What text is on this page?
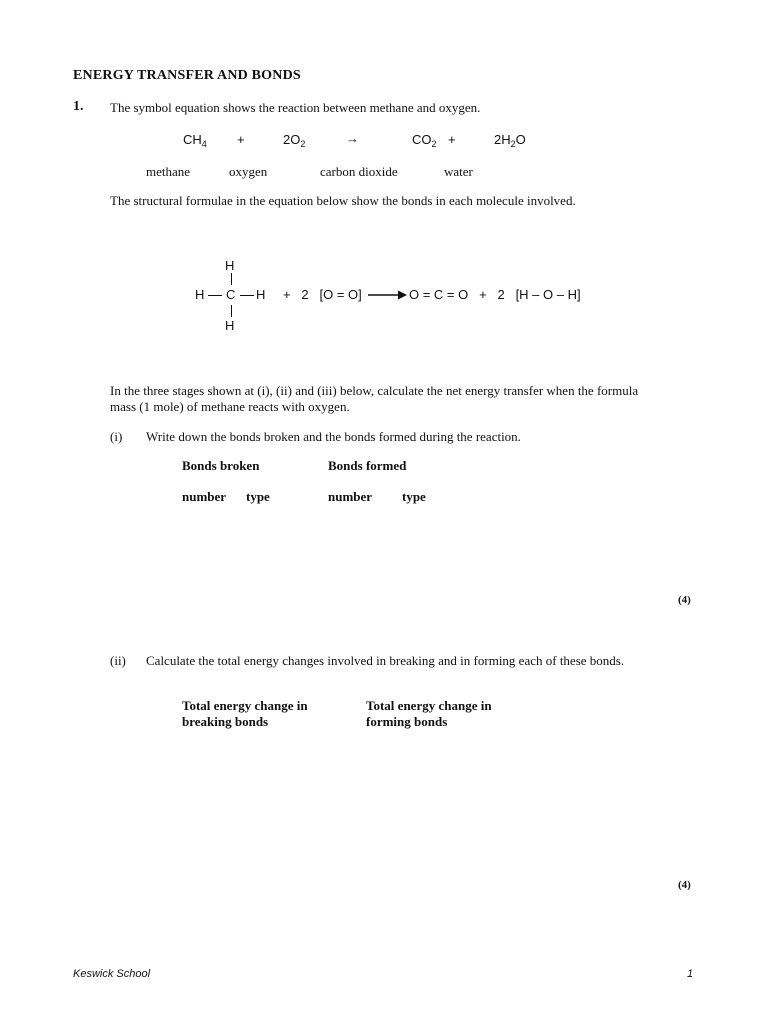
ENERGY TRANSFER AND BONDS
1. The symbol equation shows the reaction between methane and oxygen.
$CH_4$ +	$2O_2$	→	$CO_2$ +	$2H_2O$
methane	oxygen	carbon dioxide	water
The structural formulae in the equation below show the bonds in each molecule involved.
H
H C H
H
+   2   [O = O] → O = C = O   +   2   [H – O – H]
In the three stages shown at (i), (ii) and (iii) below, calculate the net energy transfer when the formula mass (1 mole) of methane reacts with oxygen.
(i) Write down the bonds broken and the bonds formed during the reaction.
Bonds broken	Bonds formed
number type	number type
(4)
(ii) Calculate the total energy changes involved in breaking and in forming each of these bonds.
Total energy change in
breaking bonds
Total energy change in
forming bonds
(4)
Keswick School	1
